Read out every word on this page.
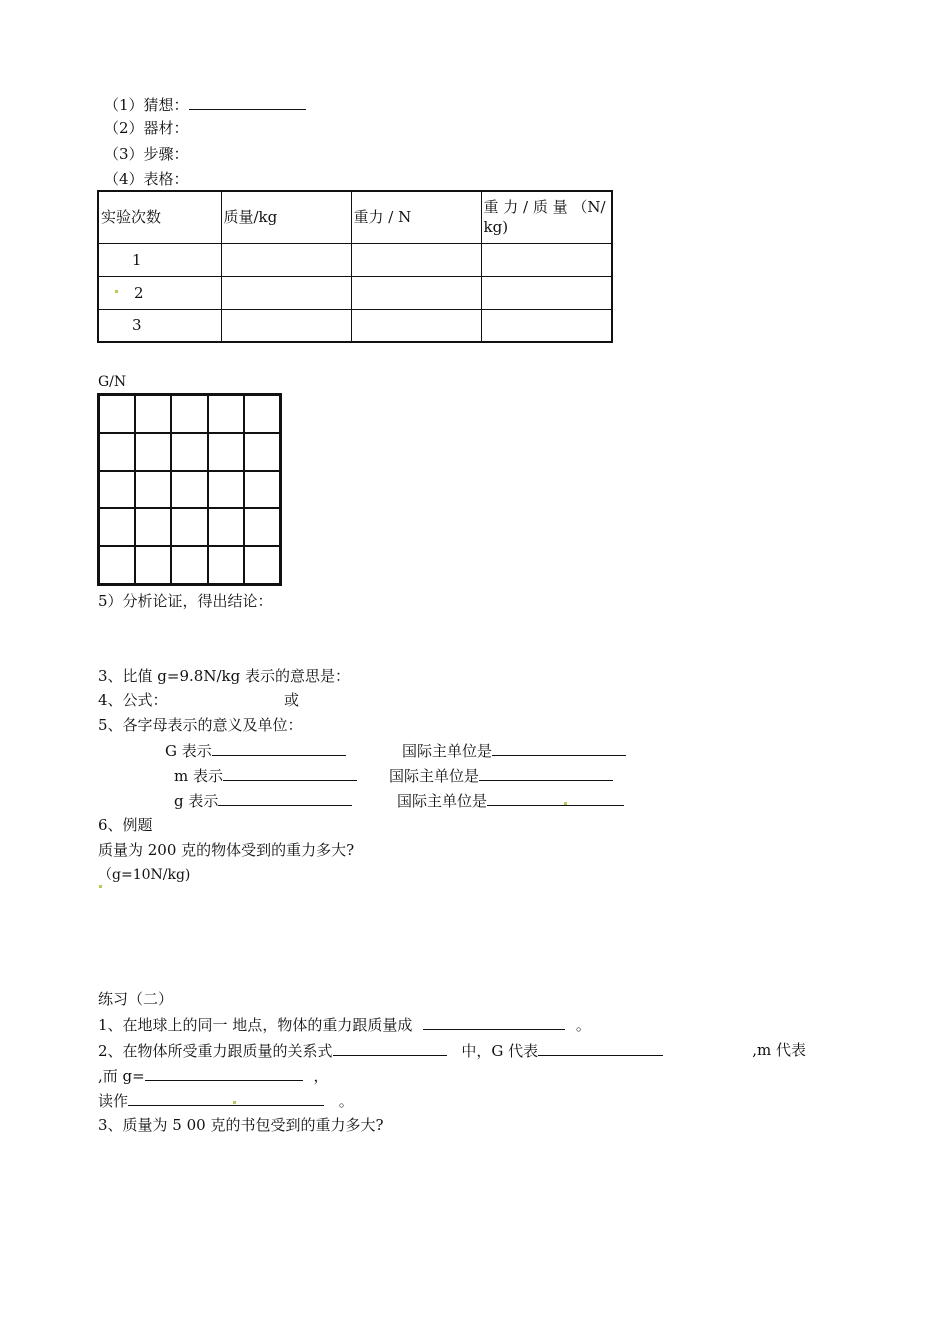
（1）猜想：
（2）器材：
（3）步骤：
（4）表格：
实验次数	质量/kg	重力 / N	重 力 / 质 量 （N/ kg)
1			
2			
3			
G/N
5）分析论证，得出结论：
3、比值 g=9.8N/kg 表示的意思是：
4、公式：	或
5、各字母表示的意义及单位：
G 表示	国际主单位是
m 表示	国际主单位是
g 表示	国际主单位是
6、例题
质量为 200 克的物体受到的重力多大?
（g=10N/kg)
练习（二）
1、在地球上的同一 地点，物体的重力跟质量成	。
2、在物体所受重力跟质量的关系式	中，G 代表	,m 代表
,而 g=	，
读作	。
3、质量为 5 00 克的书包受到的重力多大?
